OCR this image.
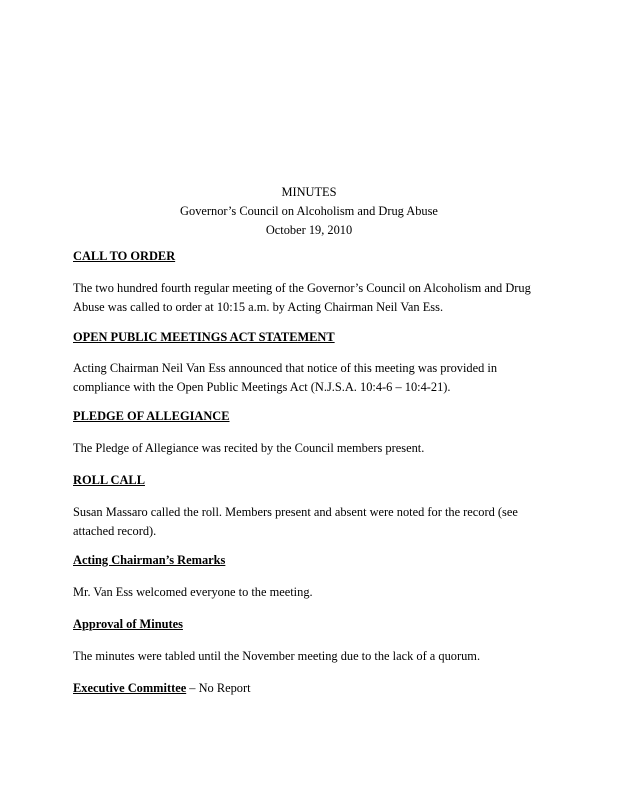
MINUTES
Governor’s Council on Alcoholism and Drug Abuse
October 19, 2010
CALL TO ORDER
The two hundred fourth regular meeting of the Governor’s Council on Alcoholism and Drug
Abuse was called to order at 10:15 a.m. by Acting Chairman Neil Van Ess.
OPEN PUBLIC MEETINGS ACT STATEMENT
Acting Chairman Neil Van Ess announced that notice of this meeting was provided in
compliance with the Open Public Meetings Act (N.J.S.A. 10:4-6 – 10:4-21).
PLEDGE OF ALLEGIANCE
The Pledge of Allegiance was recited by the Council members present.
ROLL CALL
Susan Massaro called the roll. Members present and absent were noted for the record (see
attached record).
Acting Chairman’s Remarks
Mr. Van Ess welcomed everyone to the meeting.
Approval of Minutes
The minutes were tabled until the November meeting due to the lack of a quorum.
Executive Committee – No Report
